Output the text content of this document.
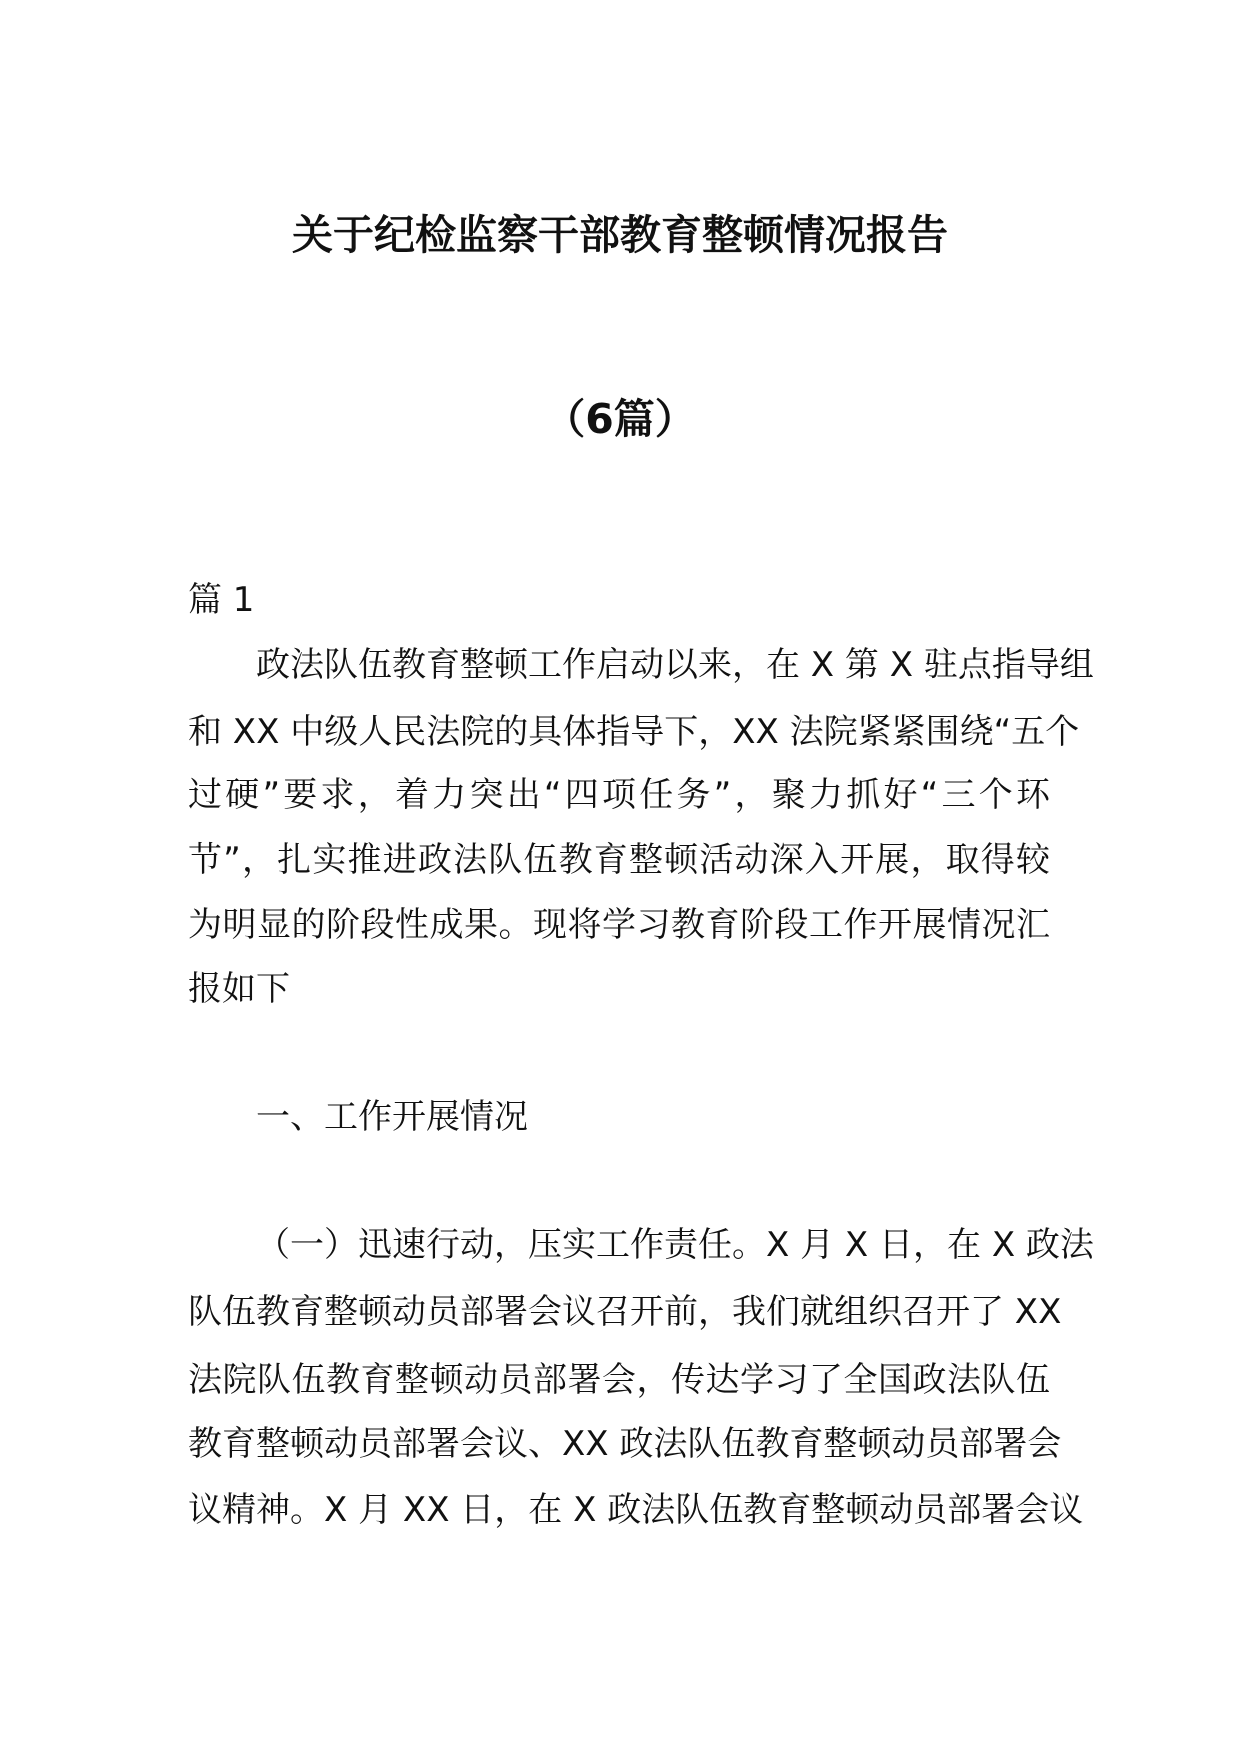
关于纪检监察干部教育整顿情况报告
（6篇）
篇 1
政法队伍教育整顿工作启动以来，在 X 第 X 驻点指导组
和 XX 中级人民法院的具体指导下，XX 法院紧紧围绕“五个
过硬”要求，着力突出“四项任务”，聚力抓好“三个环
节”，扎实推进政法队伍教育整顿活动深入开展，取得较
为明显的阶段性成果。现将学习教育阶段工作开展情况汇
报如下
一、工作开展情况
（一）迅速行动，压实工作责任。X 月 X 日，在 X 政法
队伍教育整顿动员部署会议召开前，我们就组织召开了 XX
法院队伍教育整顿动员部署会，传达学习了全国政法队伍
教育整顿动员部署会议、XX 政法队伍教育整顿动员部署会
议精神。X 月 XX 日，在 X 政法队伍教育整顿动员部署会议
